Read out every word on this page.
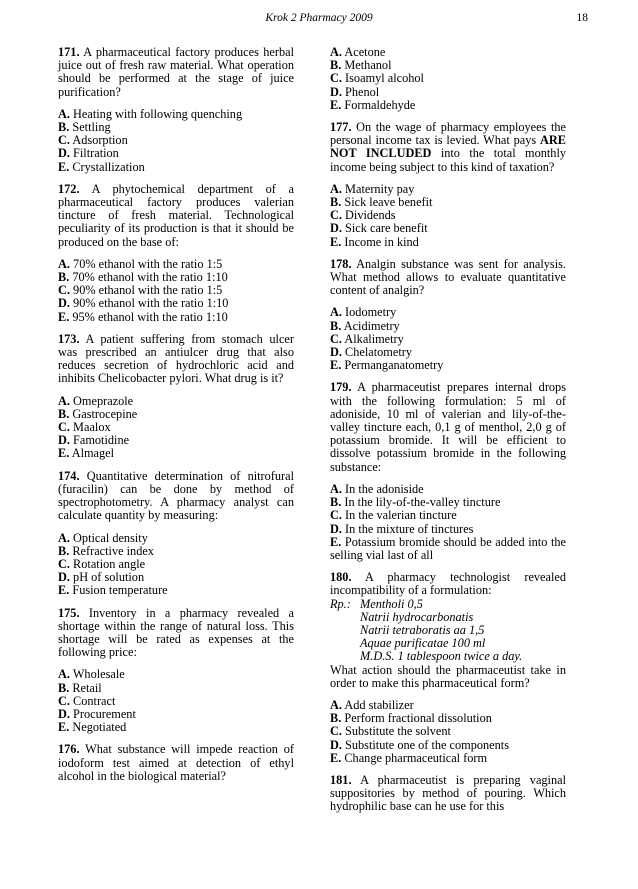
Krok 2 Pharmacy 2009	18

171. A pharmaceutical factory produces herbal juice out of fresh raw material. What operation should be performed at the stage of juice purification?

A. Heating with following quenching

B. Settling

C. Adsorption

D. Filtration

E. Crystallization

172. A phytochemical department of a pharmaceutical factory produces valerian tincture of fresh material. Technological peculiarity of its production is that it should be produced on the base of:

A. 70% ethanol with the ratio 1:5

B. 70% ethanol with the ratio 1:10

C. 90% ethanol with the ratio 1:5

D. 90% ethanol with the ratio 1:10

E. 95% ethanol with the ratio 1:10

173. A patient suffering from stomach ulcer was prescribed an antiulcer drug that also reduces secretion of hydrochloric acid and inhibits Chelicobacter pylori. What drug is it?

A. Omeprazole

B. Gastrocepine

C. Maalox

D. Famotidine

E. Almagel

174. Quantitative determination of nitrofural (furacilin) can be done by method of spectrophotometry. A pharmacy analyst can calculate quantity by measuring:

A. Optical density

B. Refractive index

C. Rotation angle

D. pH of solution

E. Fusion temperature

175. Inventory in a pharmacy revealed a shortage within the range of natural loss. This shortage will be rated as expenses at the following price:

A. Wholesale

B. Retail

C. Contract

D. Procurement

E. Negotiated

176. What substance will impede reaction of iodoform test aimed at detection of ethyl alcohol in the biological material?

A. Acetone

B. Methanol

C. Isoamyl alcohol

D. Phenol

E. Formaldehyde

177. On the wage of pharmacy employees the personal income tax is levied. What pays ARE NOT INCLUDED into the total monthly income being subject to this kind of taxation?

A. Maternity pay

B. Sick leave benefit

C. Dividends

D. Sick care benefit

E. Income in kind

178. Analgin substance was sent for analysis. What method allows to evaluate quantitative content of analgin?

A. Iodometry

B. Acidimetry

C. Alkalimetry

D. Chelatometry

E. Permanganatometry

179. A pharmaceutist prepares internal drops with the following formulation: 5 ml of adoniside, 10 ml of valerian and lily-of-the-valley tincture each, 0,1 g of menthol, 2,0 g of potassium bromide. It will be efficient to dissolve potassium bromide in the following substance:

A. In the adoniside

B. In the lily-of-the-valley tincture

C. In the valerian tincture

D. In the mixture of tinctures

E. Potassium bromide should be added into the selling vial last of all

180. A pharmacy technologist revealed incompatibility of a formulation:

Rp.: Mentholi 0,5

Natrii hydrocarbonatis

Natrii tetraboratis aa 1,5

Aquae purificatae 100 ml

M.D.S. 1 tablespoon twice a day.

What action should the pharmaceutist take in order to make this pharmaceutical form?

A. Add stabilizer

B. Perform fractional dissolution

C. Substitute the solvent

D. Substitute one of the components

E. Change pharmaceutical form

181. A pharmaceutist is preparing vaginal suppositories by method of pouring. Which hydrophilic base can he use for this
